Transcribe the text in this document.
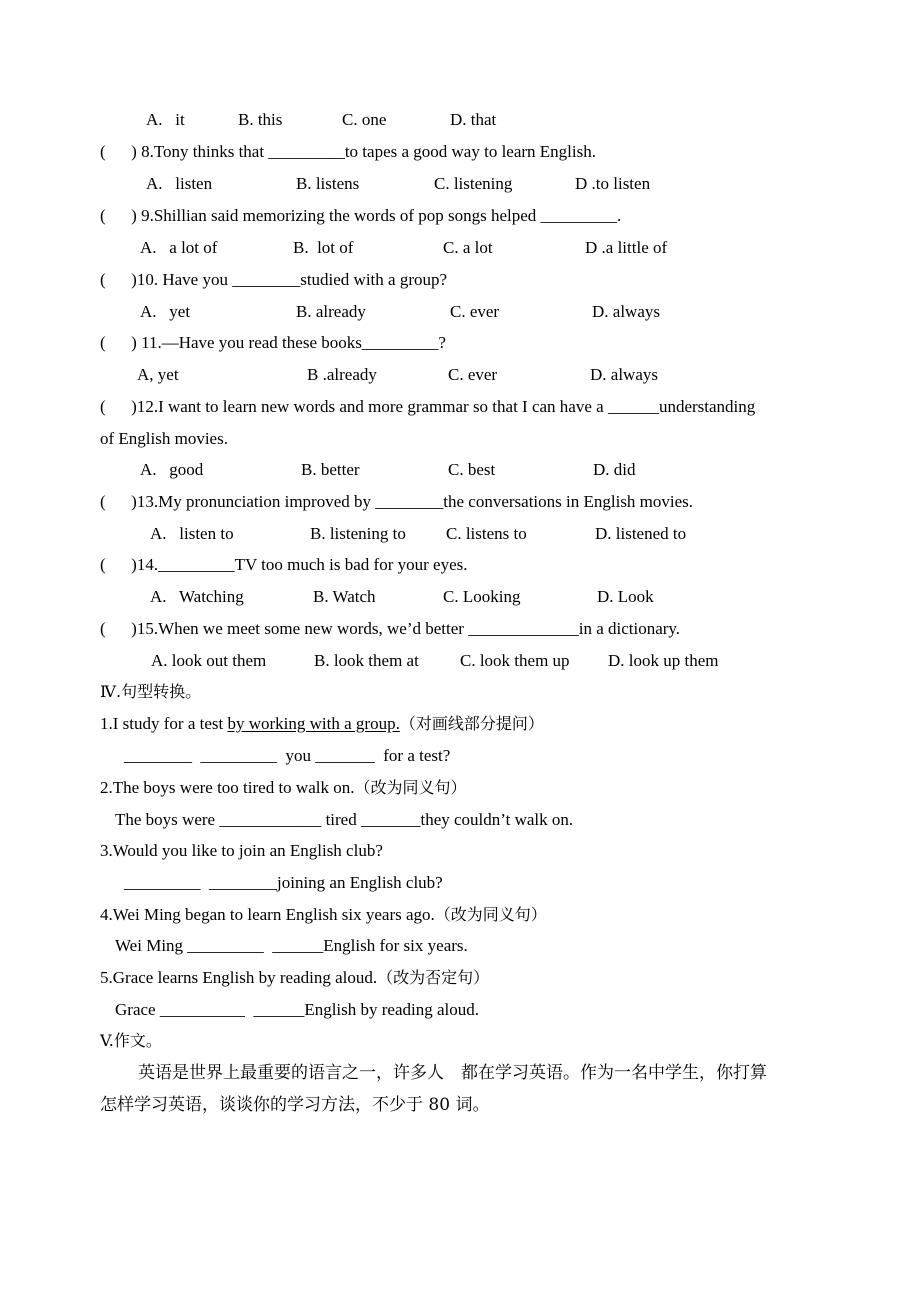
A.   it	B. this	C. one	D. that
(      ) 8.Tony thinks that _________to tapes a good way to learn English.
A.   listen	B. listens	C. listening	D .to listen
(      ) 9.Shillian said memorizing the words of pop songs helped _________.
A.   a lot of	B.  lot of	C. a lot	D .a little of
(      )10. Have you ________studied with a group?
A.   yet	B. already	C. ever	D. always
(      ) 11.—Have you read these books_________?
A, yet	B .already	C. ever	D. always
(      )12.I want to learn new words and more grammar so that I can have a ______understanding
of English movies.
A.   good	B. better	C. best	D. did
(      )13.My pronunciation improved by ________the conversations in English movies.
A.   listen to	B. listening to C. listens to	D. listened to
(      )14._________TV too much is bad for your eyes.
A.   Watching	B. Watch	C. Looking	D. Look
(      )15.When we meet some new words, we’d better _____________in a dictionary.
A. look out them	B. look them at C. look them up D. look up them
Ⅳ.句型转换。
1.I study for a test by working with a group.（对画线部分提问）
________  _________  you _______  for a test?
2.The boys were too tired to walk on.（改为同义句）
The boys were ____________ tired _______they couldn’t walk on.
3.Would you like to join an English club?
_________  ________joining an English club?
4.Wei Ming began to learn English six years ago.（改为同义句）
Wei Ming _________  ______English for six years.
5.Grace learns English by reading aloud.（改为否定句）
Grace __________  ______English by reading aloud.
V.作文。
英语是世界上最重要的语言之一，许多人　都在学习英语。作为一名中学生，你打算
怎样学习英语，谈谈你的学习方法，不少于 80 词。
